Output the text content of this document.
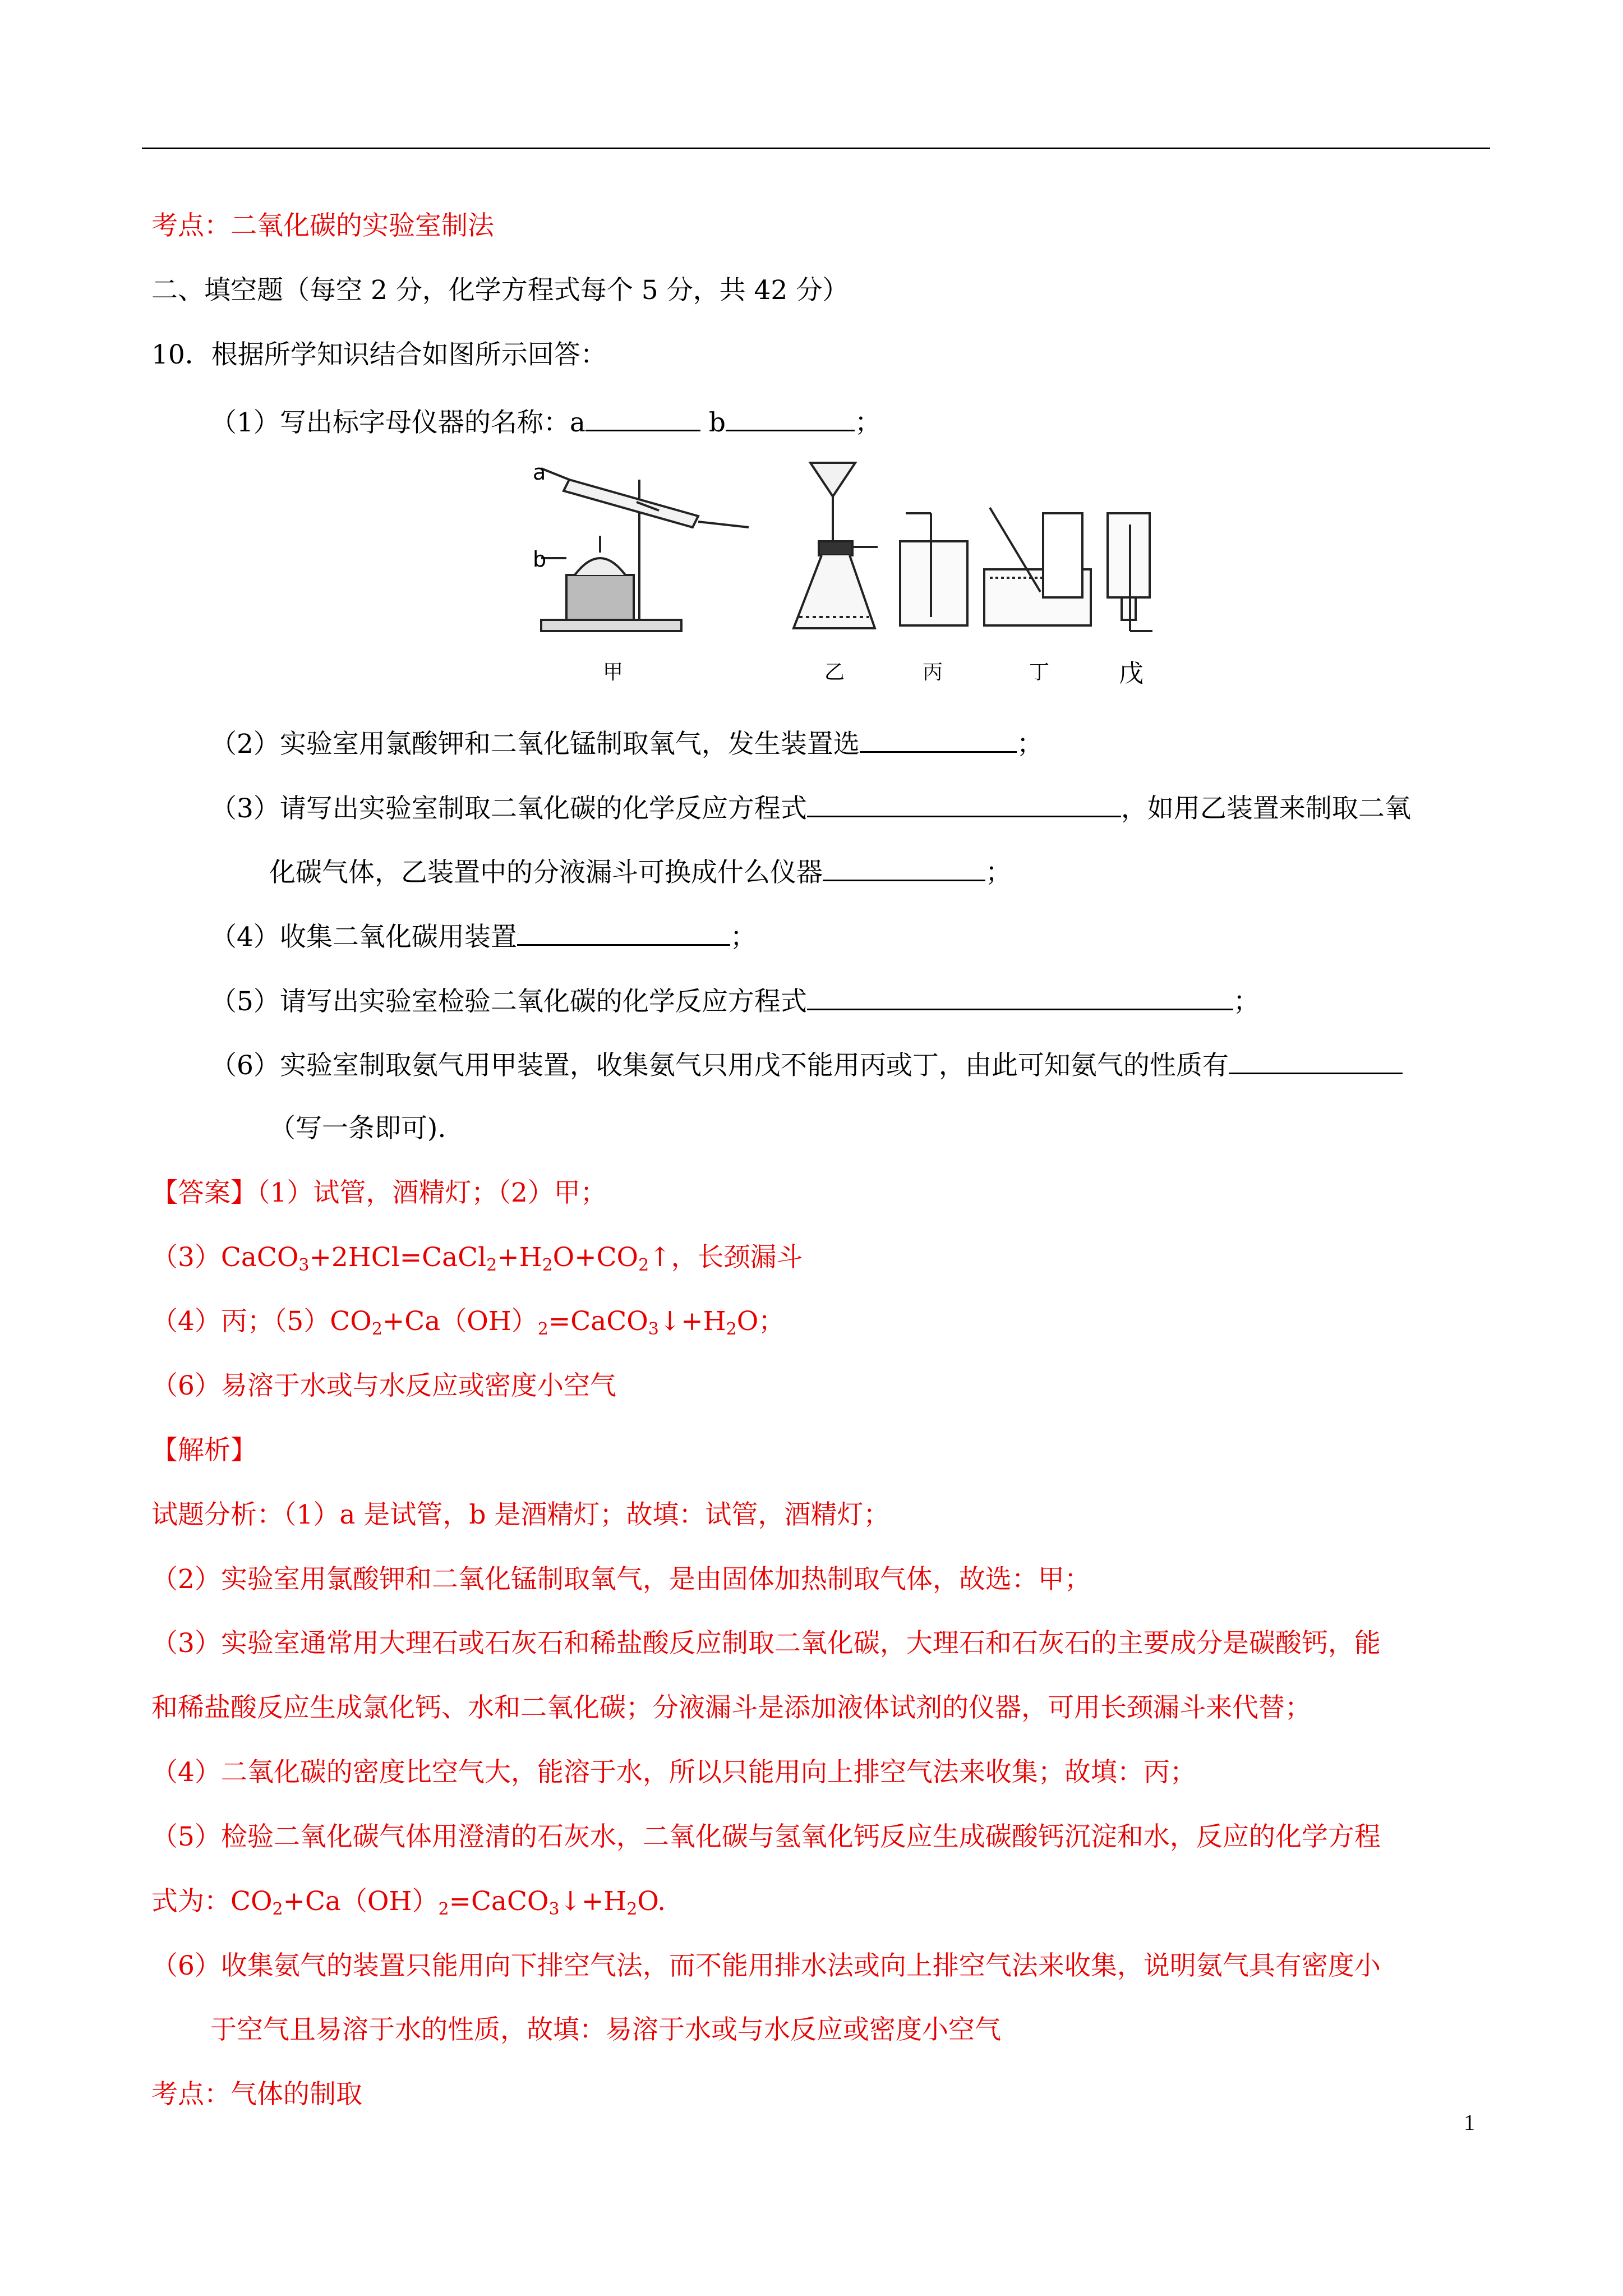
考点：二氧化碳的实验室制法
二、填空题（每空 2 分，化学方程式每个 5 分，共 42 分）
10．根据所学知识结合如图所示回答：
（1）写出标字母仪器的名称：a	b	；
a
b
甲	乙	丙	丁	戊
（2）实验室用氯酸钾和二氧化锰制取氧气，发生装置选	；
（3）请写出实验室制取二氧化碳的化学反应方程式	，如用乙装置来制取二氧
化碳气体，乙装置中的分液漏斗可换成什么仪器	；
（4）收集二氧化碳用装置	；
（5）请写出实验室检验二氧化碳的化学反应方程式	；
（6）实验室制取氨气用甲装置，收集氨气只用戊不能用丙或丁，由此可知氨气的性质有
（写一条即可).
【答案】（1）试管，酒精灯；（2）甲；
$(3)CaCO_3+2HCl=CaCl_2+H_2O+CO_2↑$，长颈漏斗
（4）丙；$(5)CO_2+Ca(OH)_2=CaCO_3↓+H_2O$；
（6）易溶于水或与水反应或密度小空气
【解析】
试题分析：（1）a 是试管，b 是酒精灯；故填：试管，酒精灯；
（2）实验室用氯酸钾和二氧化锰制取氧气，是由固体加热制取气体，故选：甲；
（3）实验室通常用大理石或石灰石和稀盐酸反应制取二氧化碳，大理石和石灰石的主要成分是碳酸钙，能
和稀盐酸反应生成氯化钙、水和二氧化碳；分液漏斗是添加液体试剂的仪器，可用长颈漏斗来代替；
（4）二氧化碳的密度比空气大，能溶于水，所以只能用向上排空气法来收集；故填：丙；
（5）检验二氧化碳气体用澄清的石灰水，二氧化碳与氢氧化钙反应生成碳酸钙沉淀和水，反应的化学方程
式为：$CO_2+Ca(OH)_2=CaCO_3↓+H_2O$.
（6）收集氨气的装置只能用向下排空气法，而不能用排水法或向上排空气法来收集，说明氨气具有密度小
于空气且易溶于水的性质，故填：易溶于水或与水反应或密度小空气
考点：气体的制取
1
